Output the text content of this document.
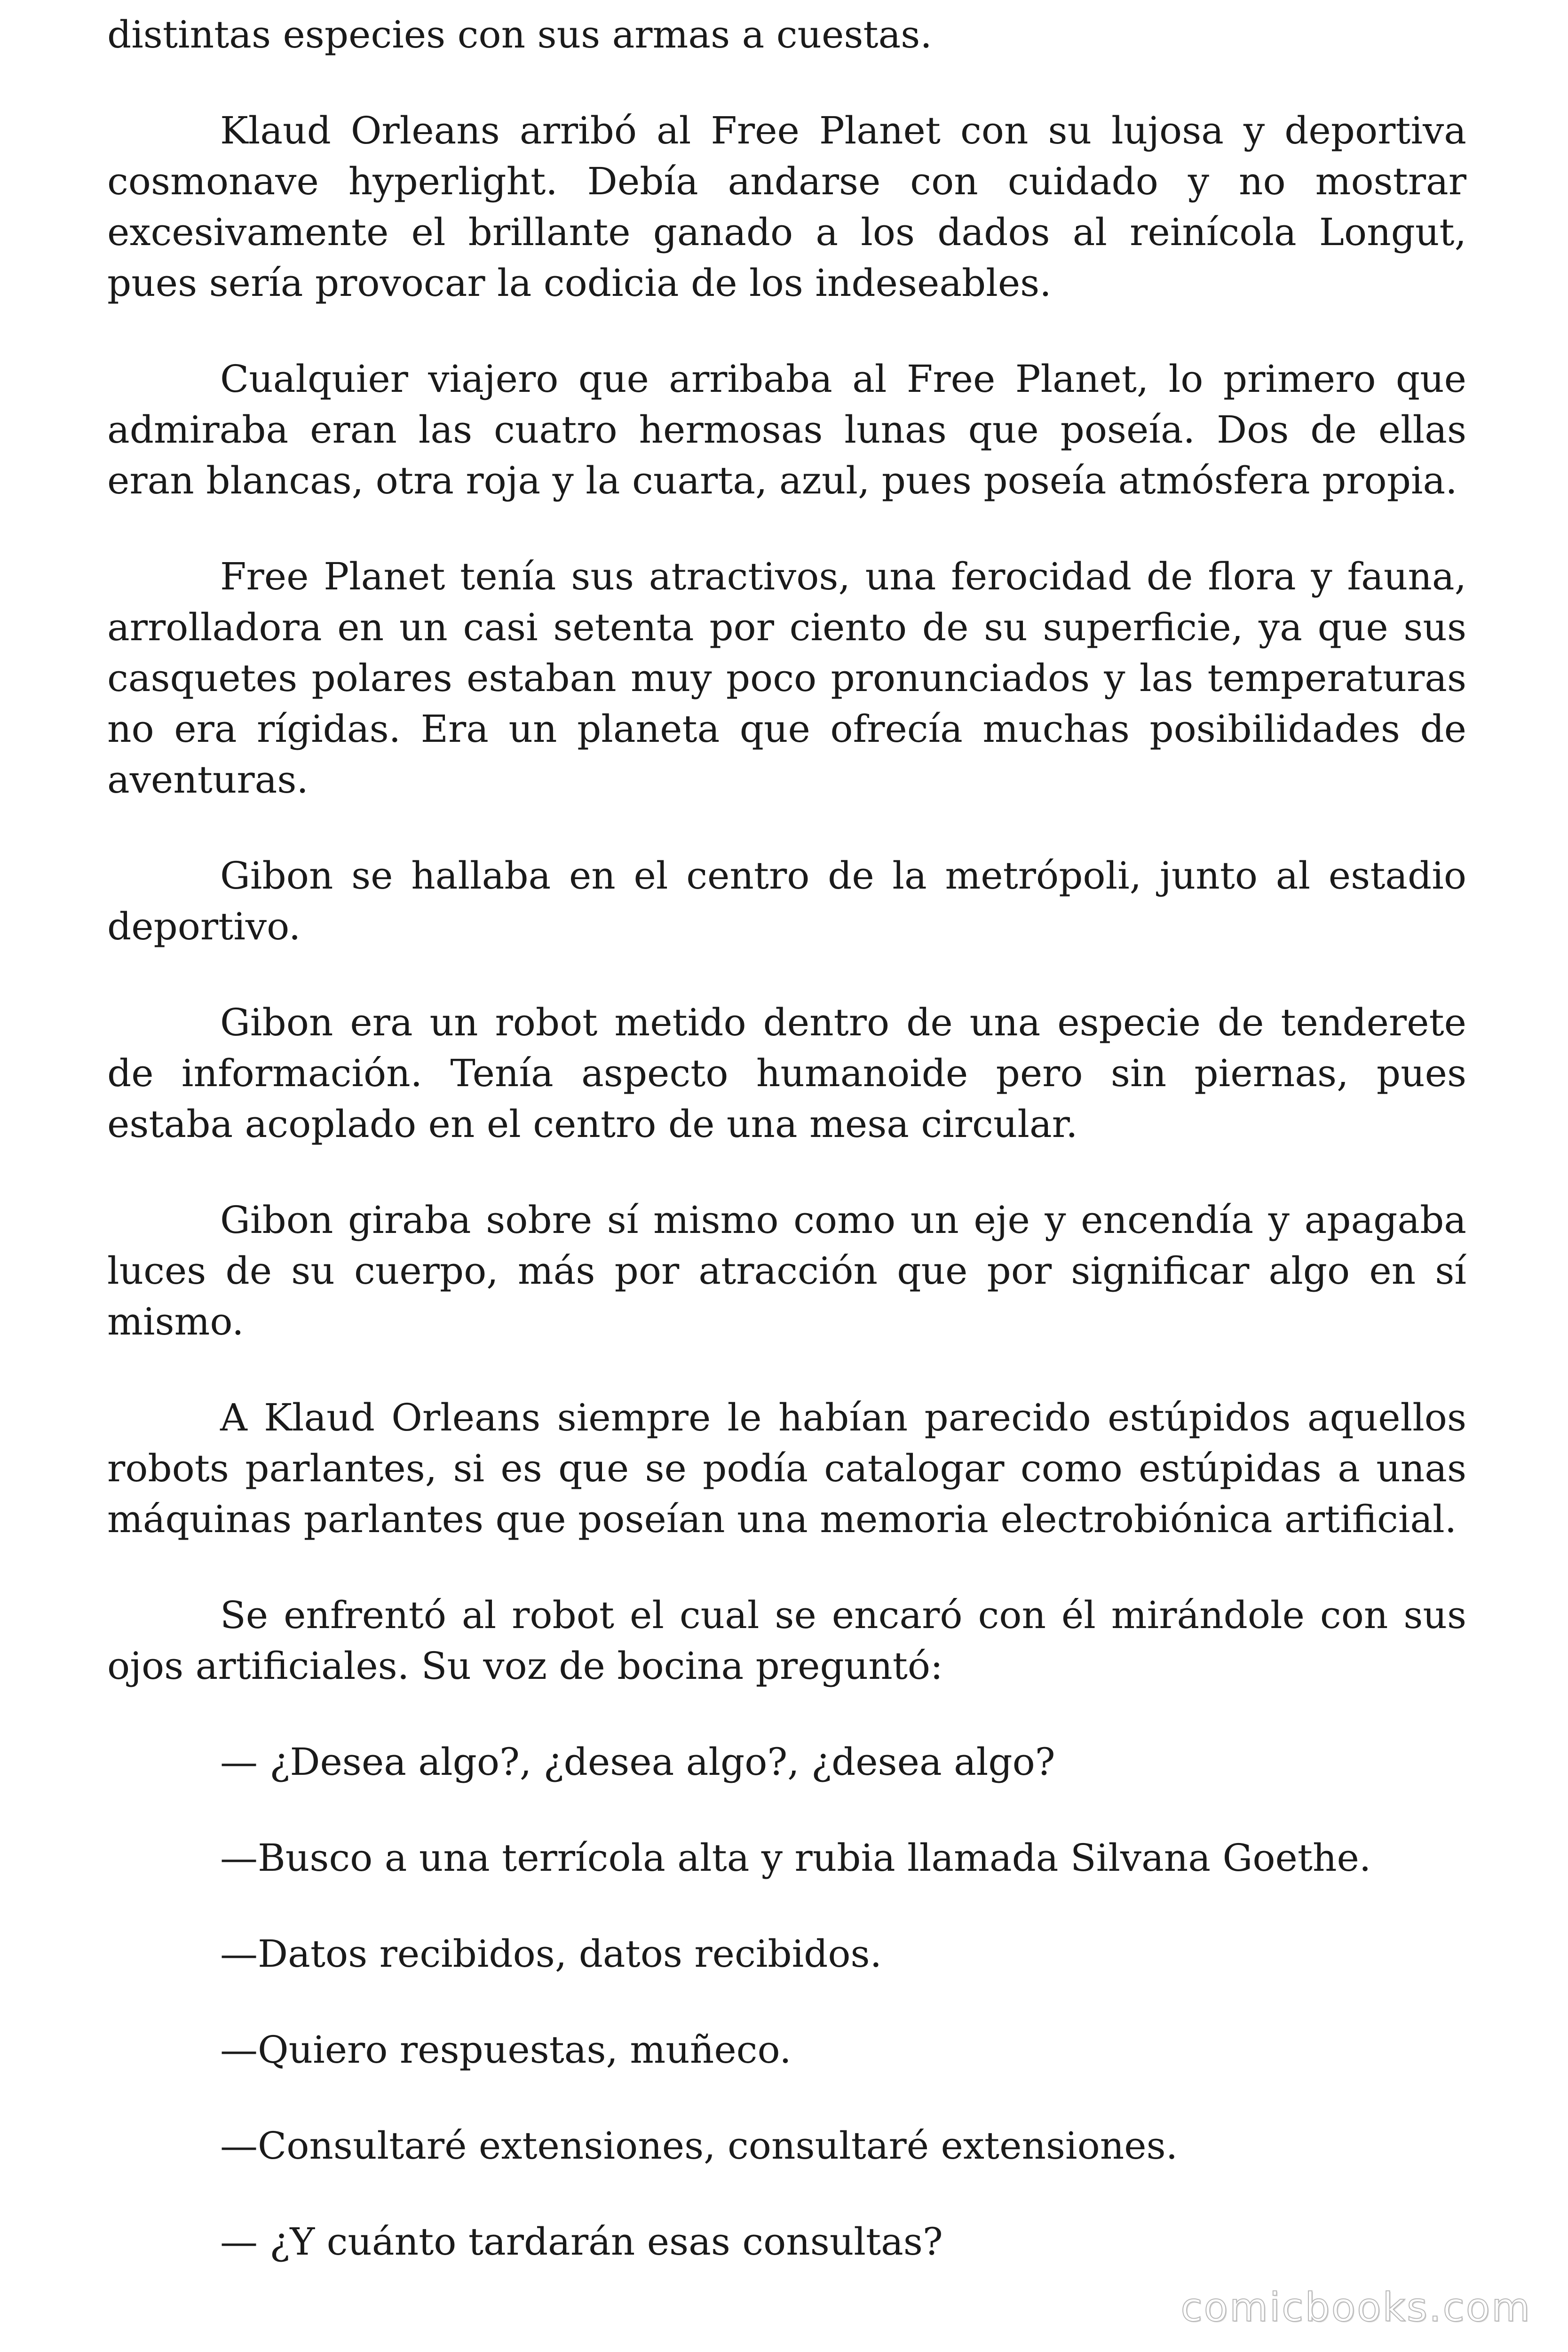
distintas especies con sus armas a cuestas.

Klaud Orleans arribó al Free Planet con su lujosa y deportiva cosmonave hyperlight. Debía andarse con cuidado y no mostrar excesivamente el brillante ganado a los dados al reinícola Longut, pues sería provocar la codicia de los indeseables.

Cualquier viajero que arribaba al Free Planet, lo primero que admiraba eran las cuatro hermosas lunas que poseía. Dos de ellas eran blancas, otra roja y la cuarta, azul, pues poseía atmósfera propia.

Free Planet tenía sus atractivos, una ferocidad de flora y fauna, arrolladora en un casi setenta por ciento de su superficie, ya que sus casquetes polares estaban muy poco pronunciados y las temperaturas no era rígidas. Era un planeta que ofrecía muchas posibilidades de aventuras.

Gibon se hallaba en el centro de la metrópoli, junto al estadio deportivo.

Gibon era un robot metido dentro de una especie de tenderete de información. Tenía aspecto humanoide pero sin piernas, pues estaba acoplado en el centro de una mesa circular.

Gibon giraba sobre sí mismo como un eje y encendía y apagaba luces de su cuerpo, más por atracción que por significar algo en sí mismo.

A Klaud Orleans siempre le habían parecido estúpidos aquellos robots parlantes, si es que se podía catalogar como estúpidas a unas máquinas parlantes que poseían una memoria electrobiónica artificial.

Se enfrentó al robot el cual se encaró con él mirándole con sus ojos artificiales. Su voz de bocina preguntó:

— ¿Desea algo?, ¿desea algo?, ¿desea algo?

—Busco a una terrícola alta y rubia llamada Silvana Goethe.

—Datos recibidos, datos recibidos.

—Quiero respuestas, muñeco.

—Consultaré extensiones, consultaré extensiones.

— ¿Y cuánto tardarán esas consultas?

comicbooks.com
